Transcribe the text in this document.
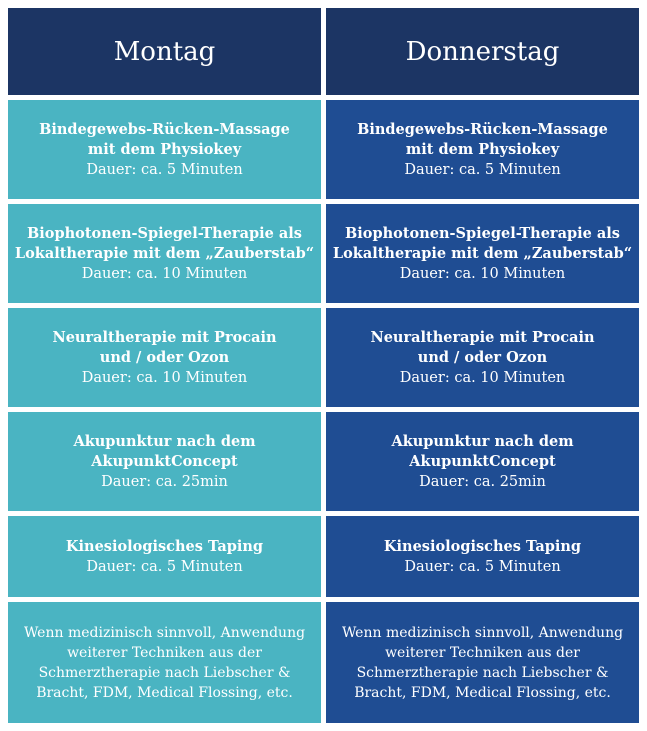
Montag	Donnerstag
Bindegewebs-Rücken-Massage
mit dem Physiokey
Dauer: ca. 5 Minuten
Bindegewebs-Rücken-Massage
mit dem Physiokey
Dauer: ca. 5 Minuten
Biophotonen-Spiegel-Therapie als
Lokaltherapie mit dem „Zauberstab“
Dauer: ca. 10 Minuten
Biophotonen-Spiegel-Therapie als
Lokaltherapie mit dem „Zauberstab“
Dauer: ca. 10 Minuten
Neuraltherapie mit Procain
und / oder Ozon
Dauer: ca. 10 Minuten
Neuraltherapie mit Procain
und / oder Ozon
Dauer: ca. 10 Minuten
Akupunktur nach dem
AkupunktConcept
Dauer: ca. 25min
Akupunktur nach dem
AkupunktConcept
Dauer: ca. 25min
Kinesiologisches Taping
Dauer: ca. 5 Minuten
Kinesiologisches Taping
Dauer: ca. 5 Minuten
Wenn medizinisch sinnvoll, Anwendung
weiterer Techniken aus der
Schmerztherapie nach Liebscher &
Bracht, FDM, Medical Flossing, etc.
Wenn medizinisch sinnvoll, Anwendung
weiterer Techniken aus der
Schmerztherapie nach Liebscher &
Bracht, FDM, Medical Flossing, etc.
